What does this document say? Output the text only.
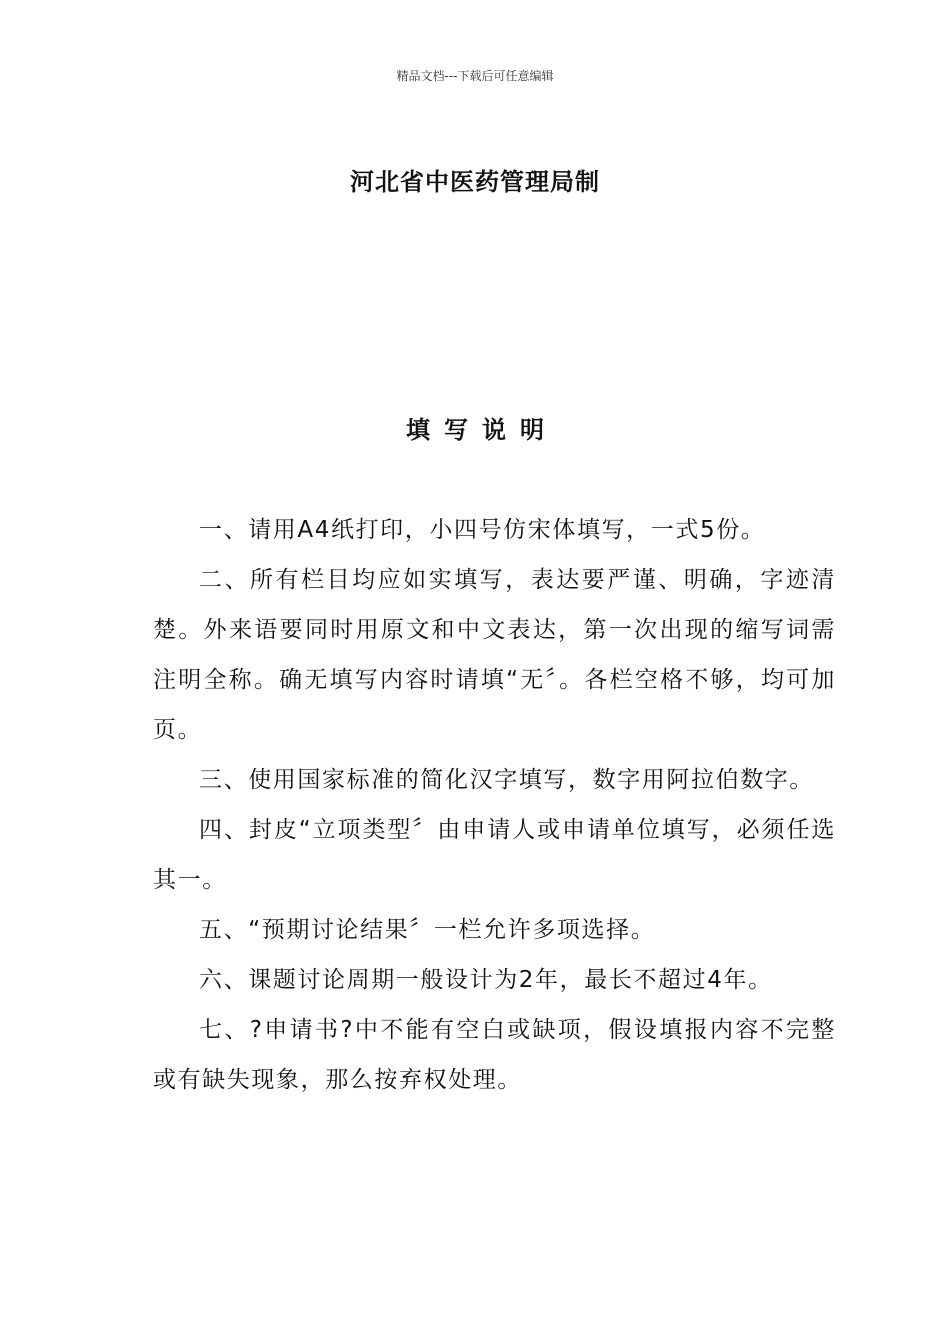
精品文档---下载后可任意编辑
河北省中医药管理局制
填写说明

一、请用A4纸打印，小四号仿宋体填写，一式5份。

二、所有栏目均应如实填写，表达要严谨、明确，字迹清楚。外来语要同时用原文和中文表达，第一次出现的缩写词需注明全称。确无填写内容时请填“无〞。各栏空格不够，均可加页。

三、使用国家标准的简化汉字填写，数字用阿拉伯数字。

四、封皮“立项类型〞由申请人或申请单位填写，必须任选其一。

五、“预期讨论结果〞一栏允许多项选择。

六、课题讨论周期一般设计为2年，最长不超过4年。

七、?申请书?中不能有空白或缺项，假设填报内容不完整或有缺失现象，那么按弃权处理。
